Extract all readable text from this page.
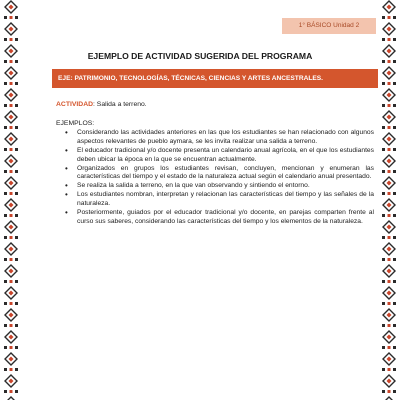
1° BÁSICO Unidad 2
EJEMPLO DE ACTIVIDAD SUGERIDA DEL PROGRAMA
EJE: PATRIMONIO, TECNOLOGÍAS, TÉCNICAS, CIENCIAS Y ARTES ANCESTRALES.
ACTIVIDAD: Salida a terreno.
EJEMPLOS:
• Considerando las actividades anteriores en las que los estudiantes se han relacionado con algunos aspectos relevantes de pueblo aymara, se les invita realizar una salida a terreno.
• El educador tradicional y/o docente presenta un calendario anual agrícola, en el que los estudiantes deben ubicar la época en la que se encuentran actualmente.
• Organizados en grupos los estudiantes revisan, concluyen, mencionan y enumeran las características del tiempo y el estado de la naturaleza actual según el calendario anual presentado.
• Se realiza la salida a terreno, en la que van observando y sintiendo el entorno.
• Los estudiantes nombran, interpretan y relacionan las características del tiempo y las señales de la naturaleza.
• Posteriormente, guiados por el educador tradicional y/o docente, en parejas comparten frente al curso sus saberes, considerando las características del tiempo y los elementos de la naturaleza.
